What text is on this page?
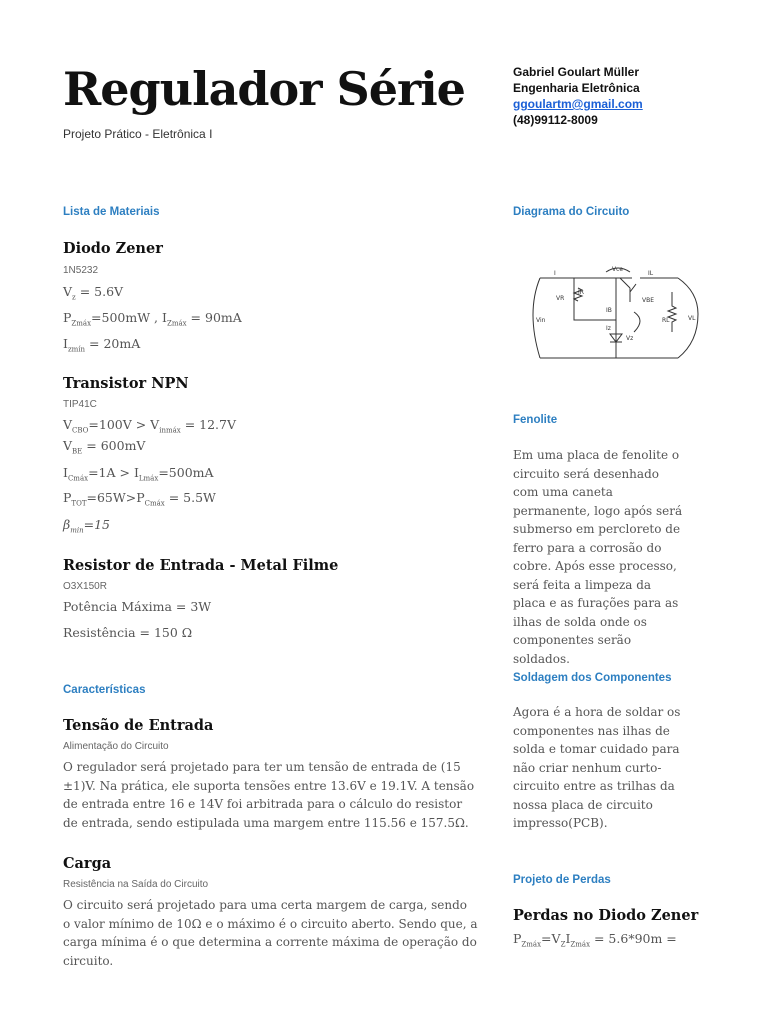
Regulador Série
Projeto Prático - Eletrônica I
Gabriel Goulart Müller
Engenharia Eletrônica
ggoulartm@gmail.com
(48)99112-8009
Lista de Materiais
Diodo Zener
1N5232
$V_z = 5.6V$
$P_{Zmáx}=500mW$ , $I_{Zmáx} = 90mA$
$I_{zmín} = 20mA$
Transistor NPN
TIP41C
$V_{CBO}=100V > V_{inmáx} = 12.7V$
$V_{BE} = 600mV$
$I_{Cmáx}=1A > I_{Lmáx}=500mA$
$P_{TOT}=65W>P_{Cmáx} = 5.5W$
$\beta_{min}=15$
Resistor de Entrada - Metal Filme
O3X150R
Potência Máxima = 3W
Resistência = 150 Ω
Características
Tensão de Entrada
Alimentação do Circuito
O regulador será projetado para ter um tensão de entrada de (15 ±1)V. Na prática, ele suporta tensões entre 13.6V e 19.1V. A tensão de entrada entre 16 e 14V foi arbitrada para o cálculo do resistor de entrada, sendo estipulada uma margem entre 115.56 e 157.5Ω.
Carga
Resistência na Saída do Circuito
O circuito será projetado para uma certa margem de carga, sendo o valor mínimo de 10Ω e o máximo é o circuito aberto. Sendo que, a carga mínima é o que determina a corrente máxima de operação do circuito.
Diagrama do Circuito
I
Vce
IL
VR
IR
VBE
Vin
IB
Iz
Vz
RL	VL
Fenolite
Em uma placa de fenolite o circuito será desenhado com uma caneta permanente, logo após será submerso em percloreto de ferro para a corrosão do cobre. Após esse processo, será feita a limpeza da placa e as furações para as ilhas de solda onde os componentes serão soldados.
Soldagem dos Componentes
Agora é a hora de soldar os componentes nas ilhas de solda e tomar cuidado para não criar nenhum curto-circuito entre as trilhas da nossa placa de circuito impresso(PCB).
Projeto de Perdas
Perdas no Diodo Zener
$P_{Zmáx}=V_ZI_{Zmáx} = 5.6*90m$ =
